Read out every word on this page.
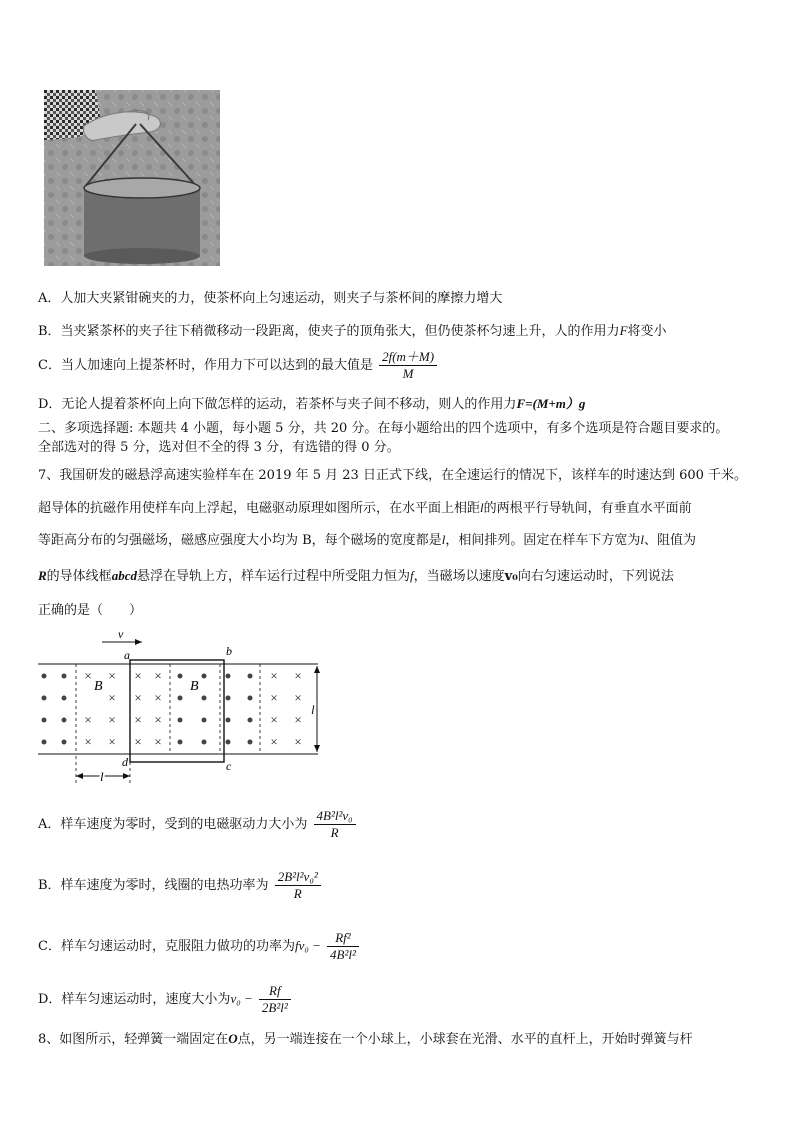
A．人加大夹紧钳碗夹的力，使茶杯向上匀速运动，则夹子与茶杯间的摩擦力增大
B．当夹紧茶杯的夹子往下稍微移动一段距离，使夹子的顶角张大，但仍使茶杯匀速上升，人的作用力F将变小
C．当人加速向上提茶杯时，作用力下可以达到的最大值是 $\frac{2f(m+M)}{M}$
D．无论人提着茶杯向上向下做怎样的运动，若茶杯与夹子间不移动，则人的作用力F=(M+m）g
二、多项选择题: 本题共 4 小题，每小题 5 分，共 20 分。在每小题给出的四个选项中，有多个选项是符合题目要求的。
全部选对的得 5 分，选对但不全的得 3 分，有选错的得 0 分。
7、我国研发的磁悬浮高速实验样车在 2019 年 5 月 23 日正式下线，在全速运行的情况下，该样车的时速达到 600 千米。
超导体的抗磁作用使样车向上浮起，电磁驱动原理如图所示，在水平面上相距l的两根平行导轨间，有垂直水平面前
等距高分布的匀强磁场，磁感应强度大小均为 B，每个磁场的宽度都是l，相间排列。固定在样车下方宽为l、阻值为
R的导体线框abcd悬浮在导轨上方，样车运行过程中所受阻力恒为f，当磁场以速度v₀向右匀速运动时，下列说法
正确的是（　　）
v
a	b
× ×
× ×
× ×
×
× ×
× ×
× ×
× ×
× ×
× ×
× ×
× ×
B	B
l
d	c
l
A．样车速度为零时，受到的电磁驱动力大小为 $\frac{\text{4B²l²v₀}}{R}$
B．样车速度为零时，线圈的电热功率为 $\frac{\text{2B²l²v₀²}}{R}$
C．样车匀速运动时，克服阻力做功的功率为$fv_0 - \frac{\text{Rf²}}{\text{4B²l²}}$
D．样车匀速运动时，速度大小为$v_0 - \frac{Rf}{\text{2B²l²}}$
8、如图所示，轻弹簧一端固定在O点，另一端连接在一个小球上，小球套在光滑、水平的直杆上，开始时弹簧与杆
